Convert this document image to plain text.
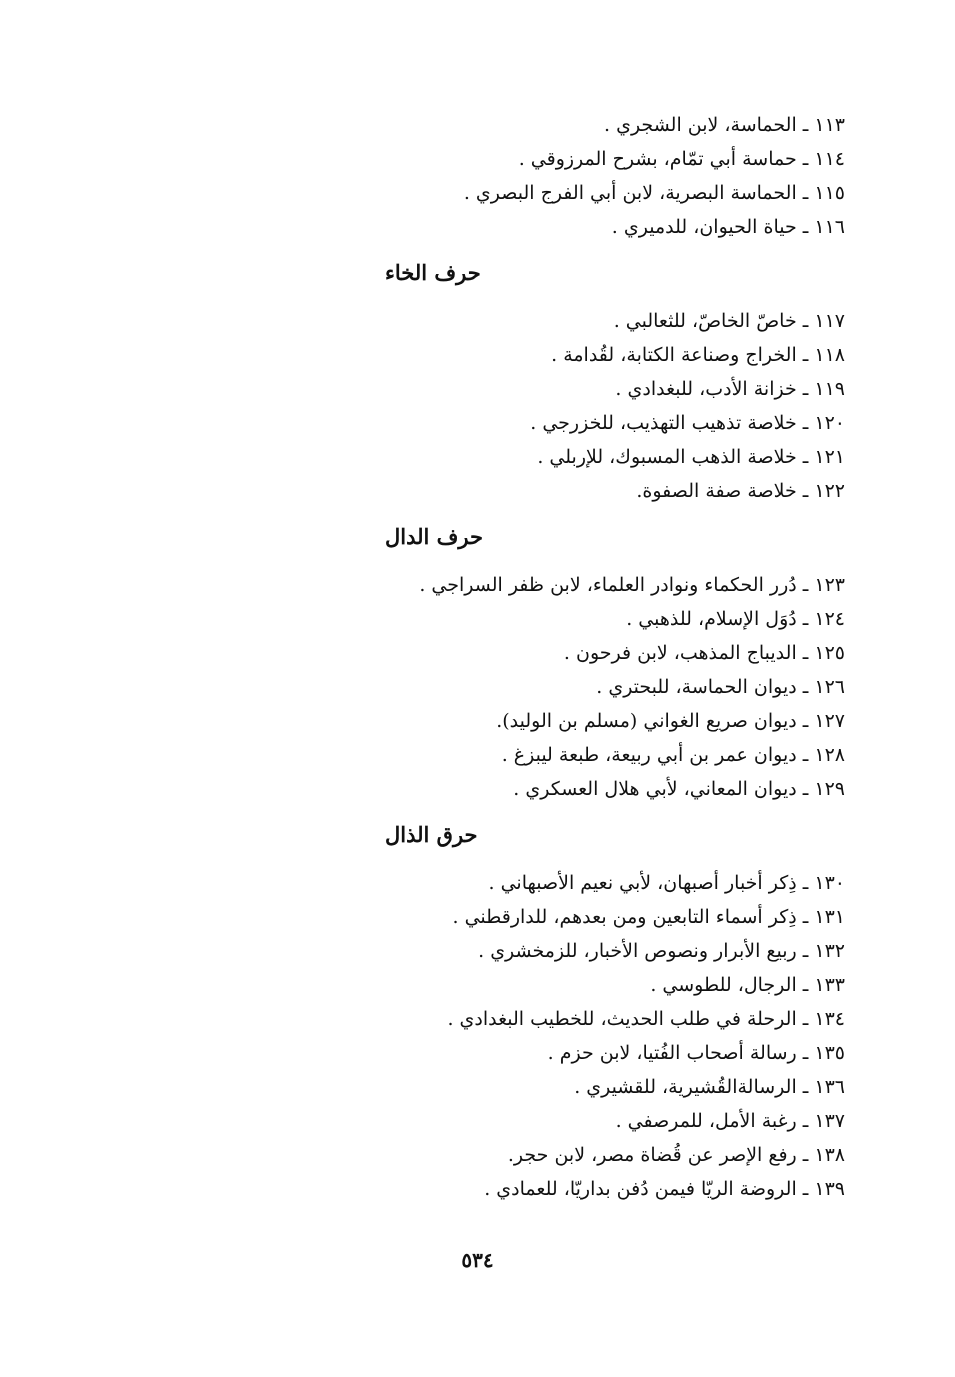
١١٣ ـ الحماسة، لابن الشجري .
١١٤ ـ حماسة أبي تمّام، بشرح المرزوقي .
١١٥ ـ الحماسة البصرية، لابن أبي الفرج البصري .
١١٦ ـ حياة الحيوان، للدميري .
حرف الخاء
١١٧ ـ خاصّ الخاصّ، للثعالبي .
١١٨ ـ الخراج وصناعة الكتابة، لقُدامة .
١١٩ ـ خزانة الأدب، للبغدادي .
١٢٠ ـ خلاصة تذهيب التهذيب، للخزرجي .
١٢١ ـ خلاصة الذهب المسبوك، للإربلي .
١٢٢ ـ خلاصة صفة الصفوة.
حرف الدال
١٢٣ ـ دُرر الحكماء ونوادر العلماء، لابن ظفر السراجي .
١٢٤ ـ دُوَل الإسلام، للذهبي .
١٢٥ ـ الديباج المذهب، لابن فرحون .
١٢٦ ـ ديوان الحماسة، للبحتري .
١٢٧ ـ ديوان صريع الغواني (مسلم بن الوليد).
١٢٨ ـ ديوان عمر بن أبي ربيعة، طبعة ليبزغ .
١٢٩ ـ ديوان المعاني، لأبي هلال العسكري .
حرق الذال
١٣٠ ـ ذِكر أخبار أصبهان، لأبي نعيم الأصبهاني .
١٣١ ـ ذِكر أسماء التابعين ومن بعدهم، للدارقطني .
١٣٢ ـ ربيع الأبرار ونصوص الأخبار، للزمخشري .
١٣٣ ـ الرجال، للطوسي .
١٣٤ ـ الرحلة في طلب الحديث، للخطيب البغدادي .
١٣٥ ـ رسالة أصحاب الفُتيا، لابن حزم .
١٣٦ ـ الرسالةالقُشيرية، للقشيري .
١٣٧ ـ رغبة الأمل، للمرصفي .
١٣٨ ـ رفع الإصر عن قُضاة مصر، لابن حجر.
١٣٩ ـ الروضة الريّا فيمن دُفن بداريّا، للعمادي .
٥٣٤
